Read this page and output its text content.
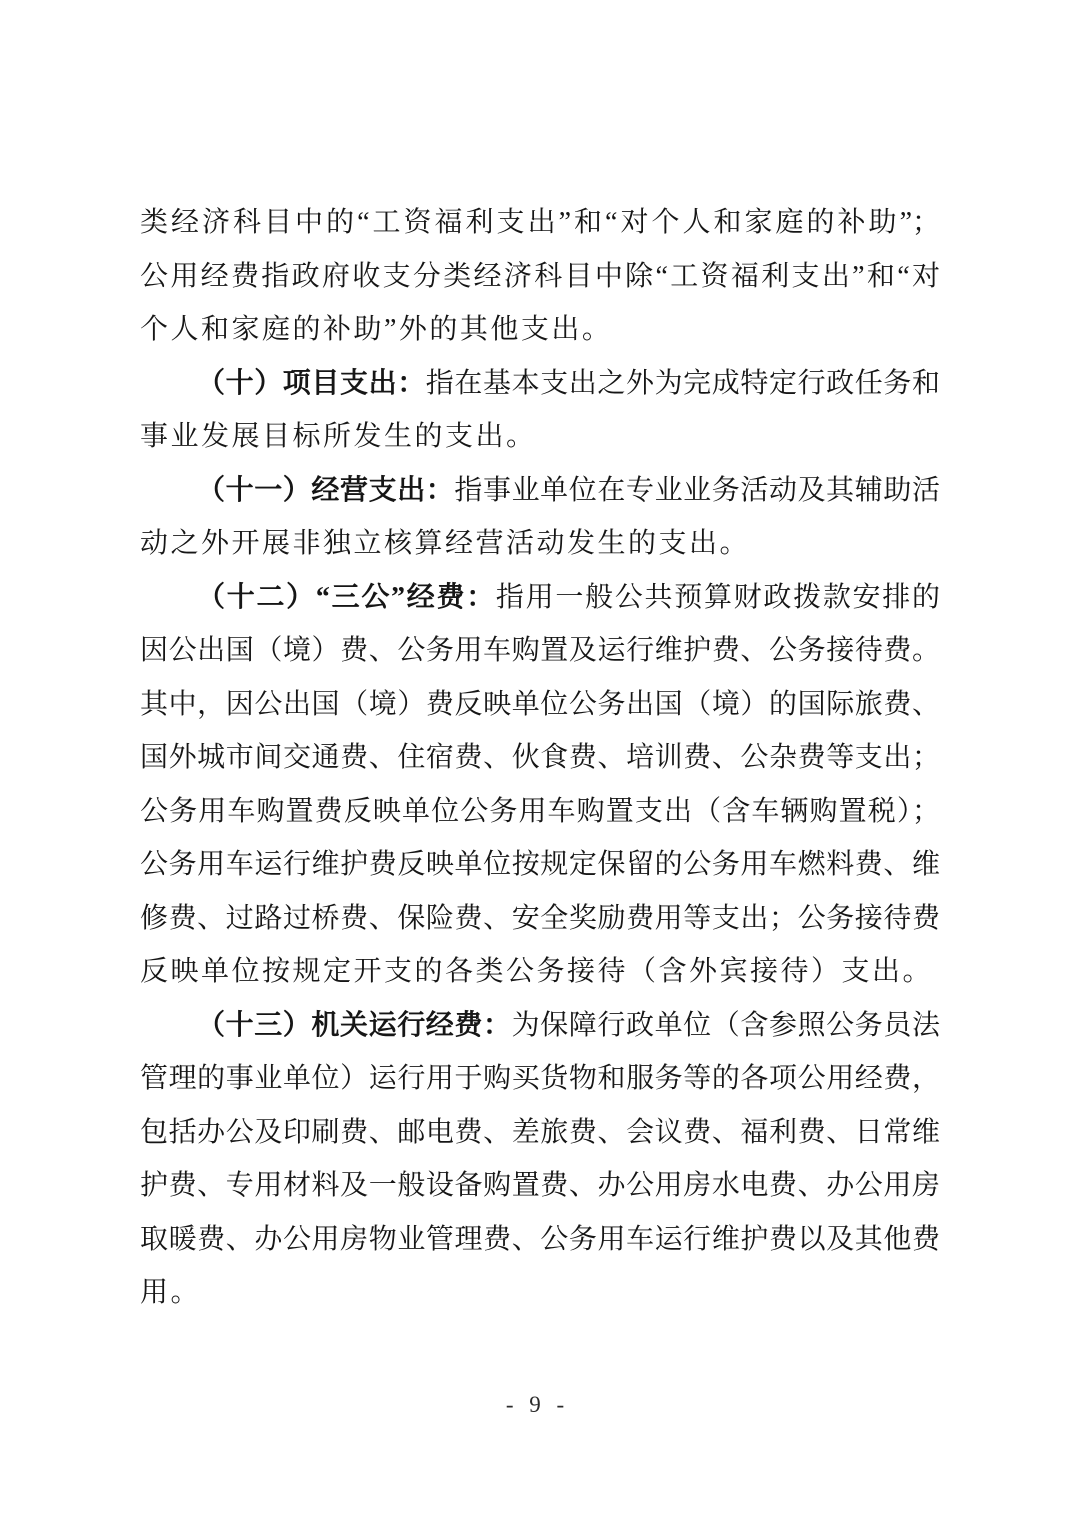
类经济科目中的“工资福利支出”和“对个人和家庭的补助”；
公用经费指政府收支分类经济科目中除“工资福利支出”和“对
个人和家庭的补助”外的其他支出。
（十）项目支出：指在基本支出之外为完成特定行政任务和
事业发展目标所发生的支出。
（十一）经营支出：指事业单位在专业业务活动及其辅助活
动之外开展非独立核算经营活动发生的支出。
（十二）“三公”经费：指用一般公共预算财政拨款安排的
因公出国（境）费、公务用车购置及运行维护费、公务接待费。
其中，因公出国（境）费反映单位公务出国（境）的国际旅费、
国外城市间交通费、住宿费、伙食费、培训费、公杂费等支出；
公务用车购置费反映单位公务用车购置支出（含车辆购置税）；
公务用车运行维护费反映单位按规定保留的公务用车燃料费、维
修费、过路过桥费、保险费、安全奖励费用等支出；公务接待费
反映单位按规定开支的各类公务接待（含外宾接待）支出。
（十三）机关运行经费：为保障行政单位（含参照公务员法
管理的事业单位）运行用于购买货物和服务等的各项公用经费，
包括办公及印刷费、邮电费、差旅费、会议费、福利费、日常维
护费、专用材料及一般设备购置费、办公用房水电费、办公用房
取暖费、办公用房物业管理费、公务用车运行维护费以及其他费
用。
- 9 -
